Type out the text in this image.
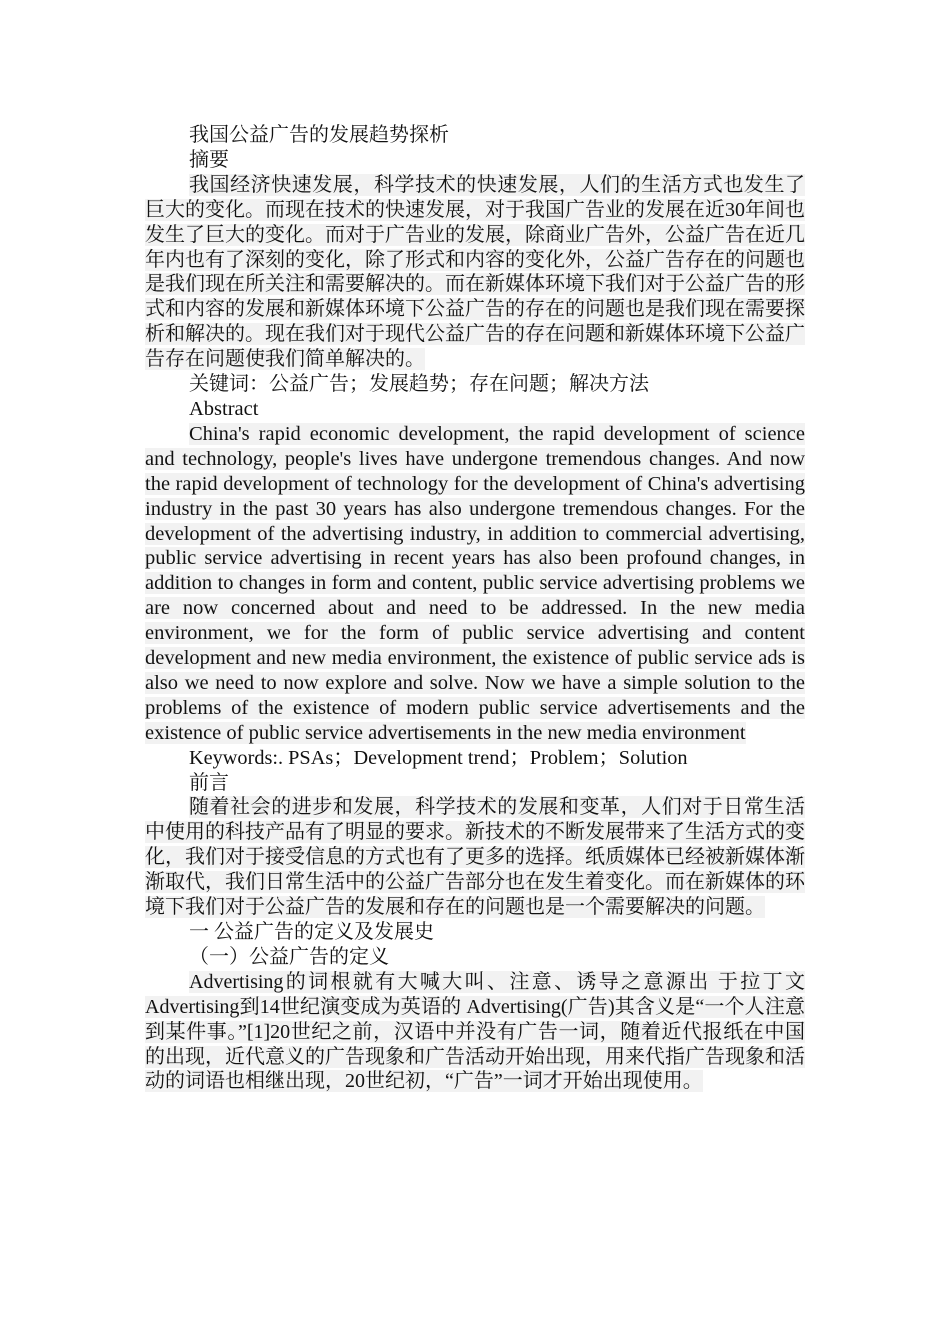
我国公益广告的发展趋势探析

摘要

我国经济快速发展，科学技术的快速发展，人们的生活方式也发生了巨大的变化。而现在技术的快速发展，对于我国广告业的发展在近30年间也发生了巨大的变化。而对于广告业的发展，除商业广告外，公益广告在近几年内也有了深刻的变化，除了形式和内容的变化外，公益广告存在的问题也是我们现在所关注和需要解决的。而在新媒体环境下我们对于公益广告的形式和内容的发展和新媒体环境下公益广告的存在的问题也是我们现在需要探析和解决的。现在我们对于现代公益广告的存在问题和新媒体环境下公益广告存在问题使我们简单解决的。

关键词：公益广告；发展趋势；存在问题；解决方法

Abstract

China's rapid economic development, the rapid development of science and technology, people's lives have undergone tremendous changes. And now the rapid development of technology for the development of China's advertising industry in the past 30 years has also undergone tremendous changes. For the development of the advertising industry, in addition to commercial advertising, public service advertising in recent years has also been profound changes, in addition to changes in form and content, public service advertising problems we are now concerned about and need to be addressed. In the new media environment, we for the form of public service advertising and content development and new media environment, the existence of public service ads is also we need to now explore and solve. Now we have a simple solution to the problems of the existence of modern public service advertisements and the existence of public service advertisements in the new media environment

Keywords:. PSAs；Development trend；Problem；Solution

前言

随着社会的进步和发展，科学技术的发展和变革，人们对于日常生活中使用的科技产品有了明显的要求。新技术的不断发展带来了生活方式的变化，我们对于接受信息的方式也有了更多的选择。纸质媒体已经被新媒体渐渐取代，我们日常生活中的公益广告部分也在发生着变化。而在新媒体的环境下我们对于公益广告的发展和存在的问题也是一个需要解决的问题。

一 公益广告的定义及发展史

（一）公益广告的定义

Advertising的词根就有大喊大叫、注意、诱导之意源出 于拉丁文Advertising到14世纪演变成为英语的 Advertising(广告)其含义是“一个人注意到某件事。”[1]20世纪之前，汉语中并没有广告一词，随着近代报纸在中国的出现，近代意义的广告现象和广告活动开始出现，用来代指广告现象和活动的词语也相继出现，20世纪初，“广告”一词才开始出现使用。
